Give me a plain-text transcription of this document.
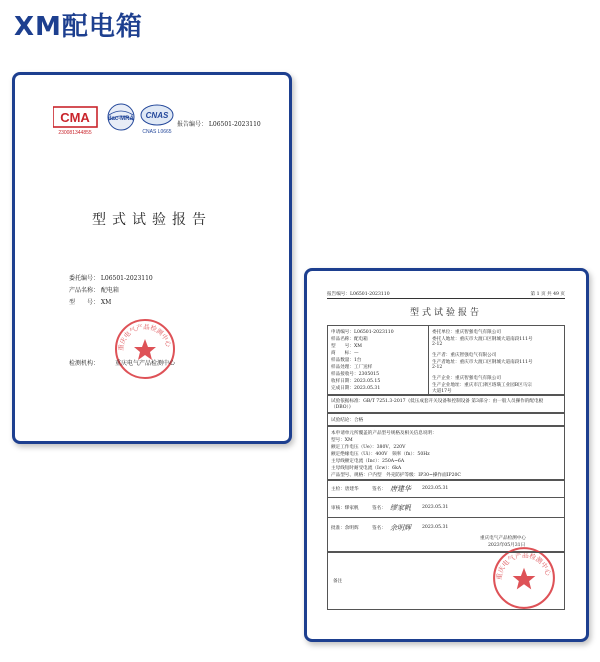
XM配电箱
CMA
230081344855
ilac-MRA CNAS
CNAS L0665
报告编号： L06501-2023110
型式试验报告
委托编号： L06501-2023110
产品名称： 配电箱
型　　号： XM
重庆电气产品检测中心
检测机构：	重庆电气产品检测中心
报告编号：L06501-2023110	第 1 页 共 49 页
型式试验报告
申请编号：L06501-2023110
样品名称：配电箱
型　　号：XM
商　　标：—
样品数量：1台
样品处理：工厂送样
样品接收号：2305015
收样日期：2023.05.15
完成日期：2023.05.31
委托单位：重庆智强电气有限公司
委托人地址：重庆市大渡口区钢城大道南段111号
2-12
生产者：重庆智强电气有限公司
生产者地址：重庆市大渡口区钢城大道南段111号
2-12
生产企业：重庆智强电气有限公司
生产企业地址：重庆市江津区珞璜工业园B区马宗
大道17号
试验依据标准：GB/T 7251.3-2017《低压成套开关设备和控制设备 第3部分：由一般人员操作的配电板（DBO）》
试验结论：合格
本申请单元所覆盖的产品型号规格及相关信息说明：
型号：XM
额定工作电压（Ue）：380V、220V
额定绝缘电压（Ui）：400V　频率（fn）：50Hz
主母线额定电流（Inc）：250A~6A
主母线短时耐受电流（Icw）：6kA
产品型号、规格：户内型　外壳防护等级：IP30~操作面IP20C
主检：唐建华	签名： 唐建华 2023.05.31
审核：缪家帆	签名： 缪家帆 2023.05.31
批准：余明辉	签名： 余明辉 2023.05.31
重庆电气产品检测中心
2023年05月31日
重庆电气产品检测中心
备注
